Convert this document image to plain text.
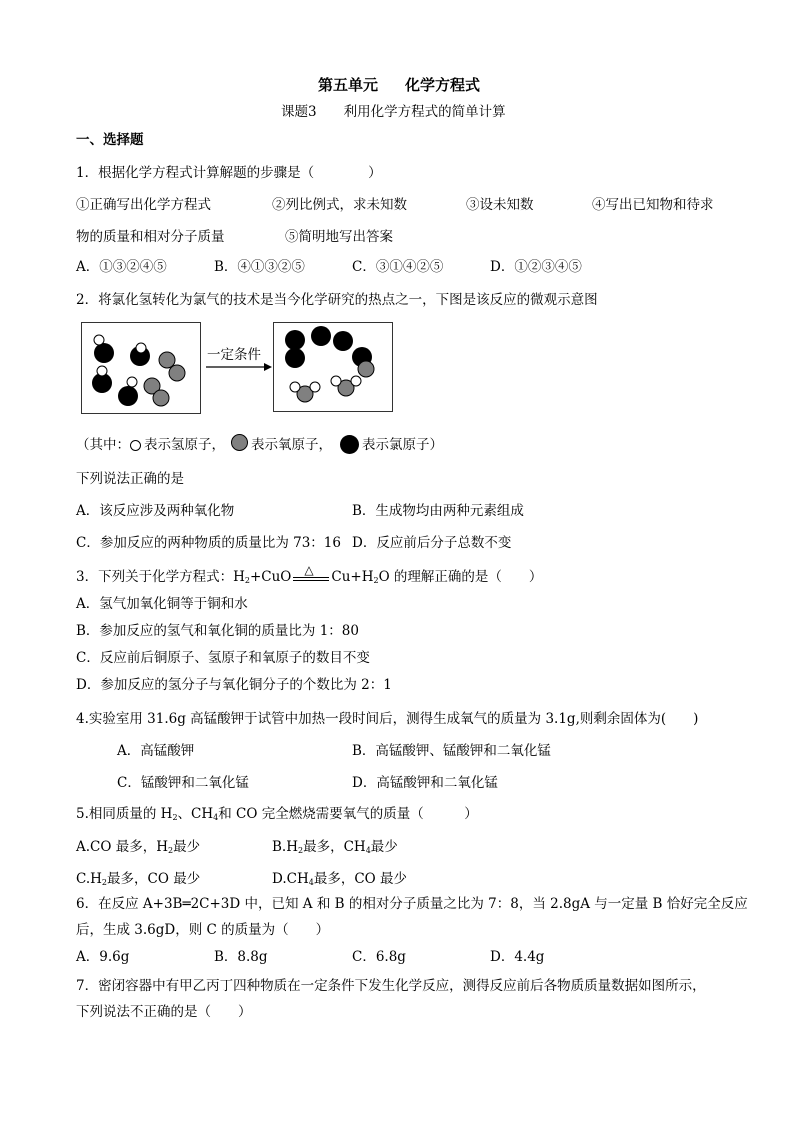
第五单元 化学方程式
课题3　　利用化学方程式的简单计算
一、选择题
1．根据化学方程式计算解题的步骤是（　　　　）
①正确写出化学方程式	②列比例式，求未知数	③设未知数	④写出已知物和待求
物的质量和相对分子质量	⑤简明地写出答案
A．①③②④⑤	B．④①③②⑤	C．③①④②⑤	D．①②③④⑤
2．将氯化氢转化为氯气的技术是当今化学研究的热点之一，下图是该反应的微观示意图
一定条件
（其中： 表示氢原子， 表示氧原子， 表示氯原子）
下列说法正确的是
A．该反应涉及两种氧化物	B．生成物均由两种元素组成
C．参加反应的两种物质的质量比为 73：16 D．反应前后分子总数不变
3．下列关于化学方程式：$H_2+CuO$ △ $Cu+H_2O$ 的理解正确的是（　　）
A．氢气加氧化铜等于铜和水
B．参加反应的氢气和氧化铜的质量比为 1：80
C．反应前后铜原子、氢原子和氧原子的数目不变
D．参加反应的氢分子与氧化铜分子的个数比为 2：1
4.实验室用 31.6g 高锰酸钾于试管中加热一段时间后，测得生成氧气的质量为 3.1g,则剩余固体为(　　)
A．高锰酸钾	B．高锰酸钾、锰酸钾和二氧化锰
C．锰酸钾和二氧化锰	D．高锰酸钾和二氧化锰
5.相同质量的 $H_2$、$CH_4$和 CO 完全燃烧需要氧气的质量（　　　）
A.CO 最多，$H_2$最少	$B.H_2$最多，$CH_4$最少
$C.H_2$最多，CO 最少	$D.CH_4$最多，CO 最少
6．在反应 A+3B═2C+3D 中，已知 A 和 B 的相对分子质量之比为 7：8，当 2.8gA 与一定量 B 恰好完全反应
后，生成 3.6gD，则 C 的质量为（　　）
A．9.6g	B．8.8g	C．6.8g	D．4.4g
7．密闭容器中有甲乙丙丁四种物质在一定条件下发生化学反应，测得反应前后各物质质量数据如图所示，
下列说法不正确的是（　　）
